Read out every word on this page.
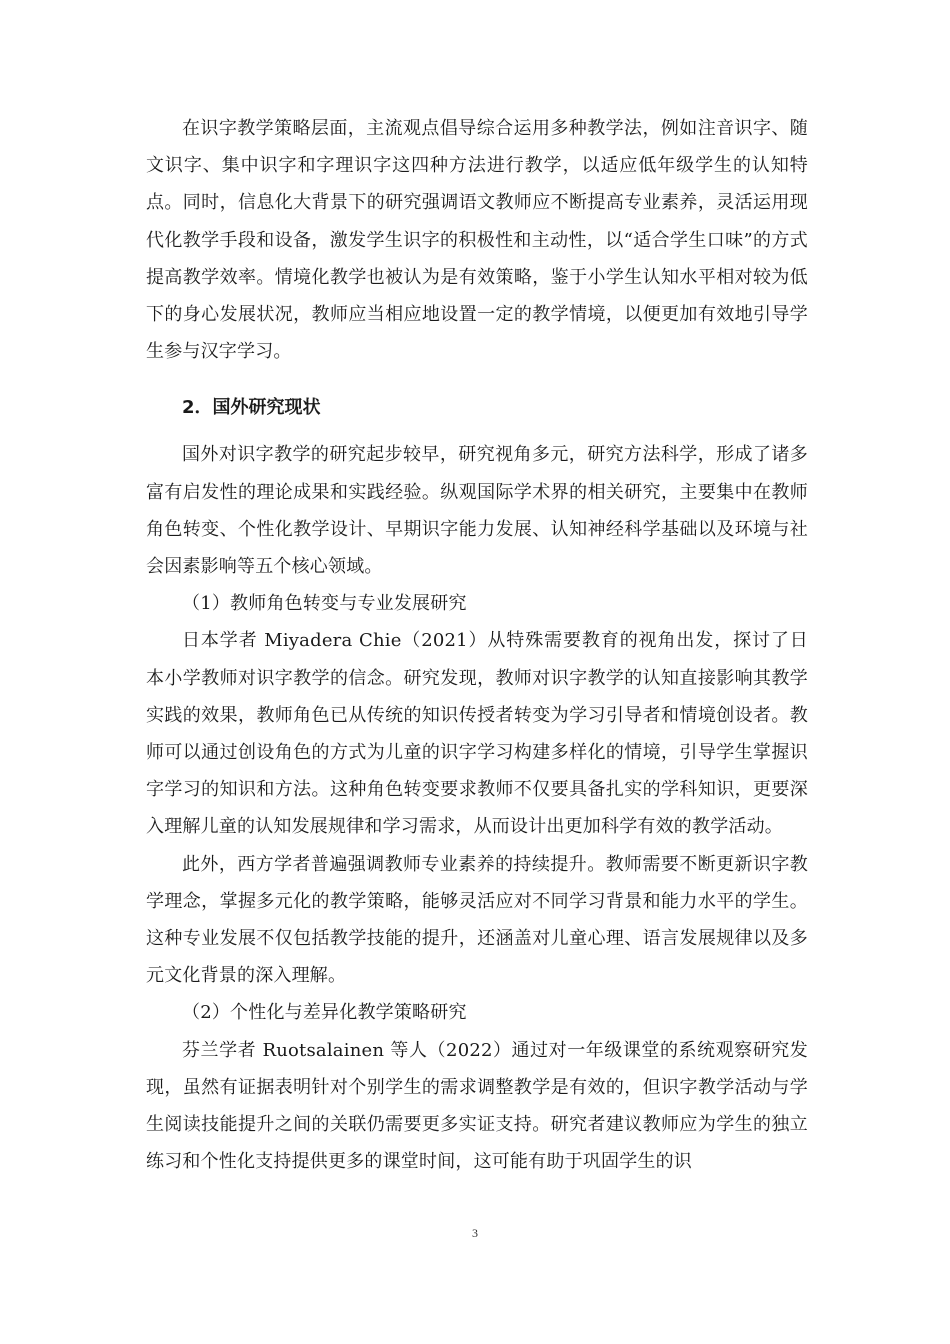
在识字教学策略层面，主流观点倡导综合运用多种教学法，例如注音识字、随文识字、集中识字和字理识字这四种方法进行教学，以适应低年级学生的认知特点。同时，信息化大背景下的研究强调语文教师应不断提高专业素养，灵活运用现代化教学手段和设备，激发学生识字的积极性和主动性，以“适合学生口味”的方式提高教学效率。情境化教学也被认为是有效策略，鉴于小学生认知水平相对较为低下的身心发展状况，教师应当相应地设置一定的教学情境，以便更加有效地引导学生参与汉字学习。

2．国外研究现状

国外对识字教学的研究起步较早，研究视角多元，研究方法科学，形成了诸多富有启发性的理论成果和实践经验。纵观国际学术界的相关研究，主要集中在教师角色转变、个性化教学设计、早期识字能力发展、认知神经科学基础以及环境与社会因素影响等五个核心领域。

（1）教师角色转变与专业发展研究

日本学者 Miyadera Chie（2021）从特殊需要教育的视角出发，探讨了日本小学教师对识字教学的信念。研究发现，教师对识字教学的认知直接影响其教学实践的效果，教师角色已从传统的知识传授者转变为学习引导者和情境创设者。教师可以通过创设角色的方式为儿童的识字学习构建多样化的情境，引导学生掌握识字学习的知识和方法。这种角色转变要求教师不仅要具备扎实的学科知识，更要深入理解儿童的认知发展规律和学习需求，从而设计出更加科学有效的教学活动。

此外，西方学者普遍强调教师专业素养的持续提升。教师需要不断更新识字教学理念，掌握多元化的教学策略，能够灵活应对不同学习背景和能力水平的学生。这种专业发展不仅包括教学技能的提升，还涵盖对儿童心理、语言发展规律以及多元文化背景的深入理解。

（2）个性化与差异化教学策略研究

芬兰学者 Ruotsalainen 等人（2022）通过对一年级课堂的系统观察研究发现，虽然有证据表明针对个别学生的需求调整教学是有效的，但识字教学活动与学生阅读技能提升之间的关联仍需要更多实证支持。研究者建议教师应为学生的独立练习和个性化支持提供更多的课堂时间，这可能有助于巩固学生的识

3
